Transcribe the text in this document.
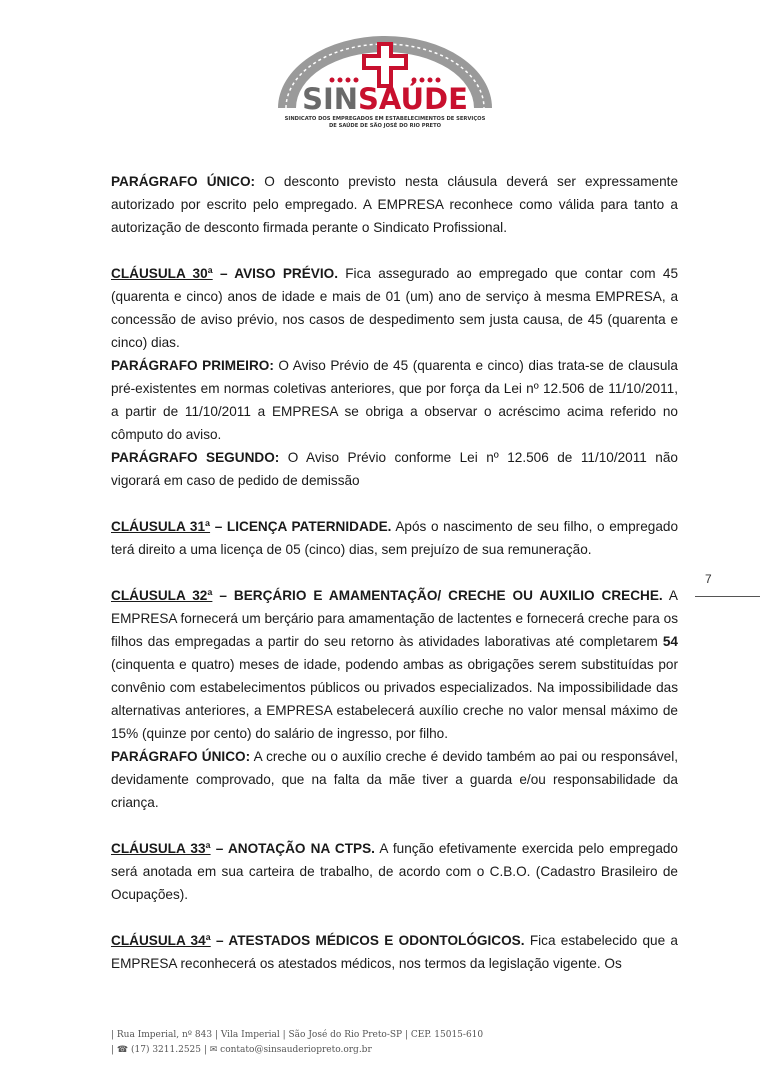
SINSAÚDE
SINDICATO DOS EMPREGADOS EM ESTABELECIMENTOS DE SERVIÇOS
DE SAÚDE DE SÃO JOSÉ DO RIO PRETO

PARÁGRAFO ÚNICO: O desconto previsto nesta cláusula deverá ser expressamente autorizado por escrito pelo empregado. A EMPRESA reconhece como válida para tanto a autorização de desconto firmada perante o Sindicato Profissional.

CLÁUSULA 30ª – AVISO PRÉVIO. Fica assegurado ao empregado que contar com 45 (quarenta e cinco) anos de idade e mais de 01 (um) ano de serviço à mesma EMPRESA, a concessão de aviso prévio, nos casos de despedimento sem justa causa, de 45 (quarenta e cinco) dias.

PARÁGRAFO PRIMEIRO: O Aviso Prévio de 45 (quarenta e cinco) dias trata-se de clausula pré-existentes em normas coletivas anteriores, que por força da Lei nº 12.506 de 11/10/2011, a partir de 11/10/2011 a EMPRESA se obriga a observar o acréscimo acima referido no cômputo do aviso.

PARÁGRAFO SEGUNDO: O Aviso Prévio conforme Lei nº 12.506 de 11/10/2011 não vigorará em caso de pedido de demissão

CLÁUSULA 31ª – LICENÇA PATERNIDADE. Após o nascimento de seu filho, o empregado terá direito a uma licença de 05 (cinco) dias, sem prejuízo de sua remuneração.

CLÁUSULA 32ª – BERÇÁRIO E AMAMENTAÇÃO/ CRECHE OU AUXILIO CRECHE. A EMPRESA fornecerá um berçário para amamentação de lactentes e fornecerá creche para os filhos das empregadas a partir do seu retorno às atividades laborativas até completarem 54 (cinquenta e quatro) meses de idade, podendo ambas as obrigações serem substituídas por convênio com estabelecimentos públicos ou privados especializados. Na impossibilidade das alternativas anteriores, a EMPRESA estabelecerá auxílio creche no valor mensal máximo de 15% (quinze por cento) do salário de ingresso, por filho.

PARÁGRAFO ÚNICO: A creche ou o auxílio creche é devido também ao pai ou responsável, devidamente comprovado, que na falta da mãe tiver a guarda e/ou responsabilidade da criança.

CLÁUSULA 33ª – ANOTAÇÃO NA CTPS. A função efetivamente exercida pelo empregado será anotada em sua carteira de trabalho, de acordo com o C.B.O. (Cadastro Brasileiro de Ocupações).

CLÁUSULA 34ª – ATESTADOS MÉDICOS E ODONTOLÓGICOS. Fica estabelecido que a EMPRESA reconhecerá os atestados médicos, nos termos da legislação vigente. Os

7
| Rua Imperial, nº 843 | Vila Imperial | São José do Rio Preto-SP | CEP. 15015-610
| ☎ (17) 3211.2525 | ✉ contato@sinsauderiopreto.org.br
